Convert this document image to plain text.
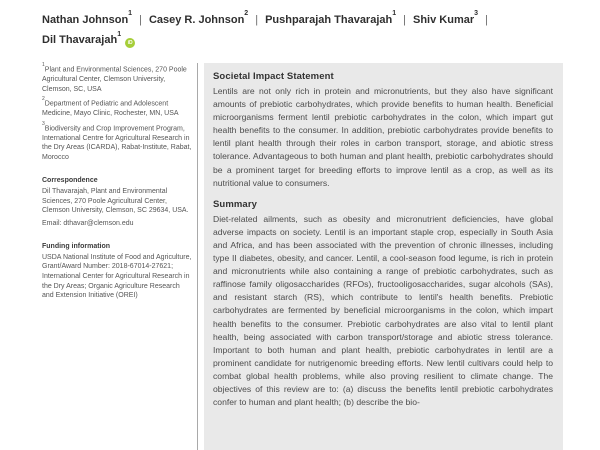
Nathan Johnson$^1$| Casey R. Johnson$^2$| Pushparajah Thavarajah$^1$| Shiv Kumar$^3$|
Dil Thavarajah$^1$iD

$^1$Plant and Environmental Sciences, 270 Poole Agricultural Center, Clemson University, Clemson, SC, USA

$^2$Department of Pediatric and Adolescent Medicine, Mayo Clinic, Rochester, MN, USA

$^3$Biodiversity and Crop Improvement Program, International Centre for Agricultural Research in the Dry Areas (ICARDA), Rabat-Institute, Rabat, Morocco

Correspondence

Dil Thavarajah, Plant and Environmental Sciences, 270 Poole Agricultural Center, Clemson University, Clemson, SC 29634, USA.

Email: dthavar@clemson.edu

Funding information

USDA National Institute of Food and Agriculture, Grant/Award Number: 2018-67014-27621; International Center for Agricultural Research in the Dry Areas; Organic Agriculture Research and Extension Initiative (OREI)

Societal Impact Statement

Lentils are not only rich in protein and micronutrients, but they also have significant amounts of prebiotic carbohydrates, which provide benefits to human health. Beneficial microorganisms ferment lentil prebiotic carbohydrates in the colon, which impart gut health benefits to the consumer. In addition, prebiotic carbohydrates provide benefits to lentil plant health through their roles in carbon transport, storage, and abiotic stress tolerance. Advantageous to both human and plant health, prebiotic carbohydrates should be a prominent target for breeding efforts to improve lentil as a crop, as well as its nutritional value to consumers.

Summary

Diet-related ailments, such as obesity and micronutrient deficiencies, have global adverse impacts on society. Lentil is an important staple crop, especially in South Asia and Africa, and has been associated with the prevention of chronic illnesses, including type II diabetes, obesity, and cancer. Lentil, a cool-season food legume, is rich in protein and micronutrients while also containing a range of prebiotic carbohydrates, such as raffinose family oligosaccharides (RFOs), fructooligosaccharides, sugar alcohols (SAs), and resistant starch (RS), which contribute to lentil's health benefits. Prebiotic carbohydrates are fermented by beneficial microorganisms in the colon, which impart health benefits to the consumer. Prebiotic carbohydrates are also vital to lentil plant health, being associated with carbon transport/storage and abiotic stress tolerance. Important to both human and plant health, prebiotic carbohydrates in lentil are a prominent candidate for nutrigenomic breeding efforts. New lentil cultivars could help to combat global health problems, while also proving resilient to climate change. The objectives of this review are to: (a) discuss the benefits lentil prebiotic carbohydrates confer to human and plant health; (b) describe the bio-
